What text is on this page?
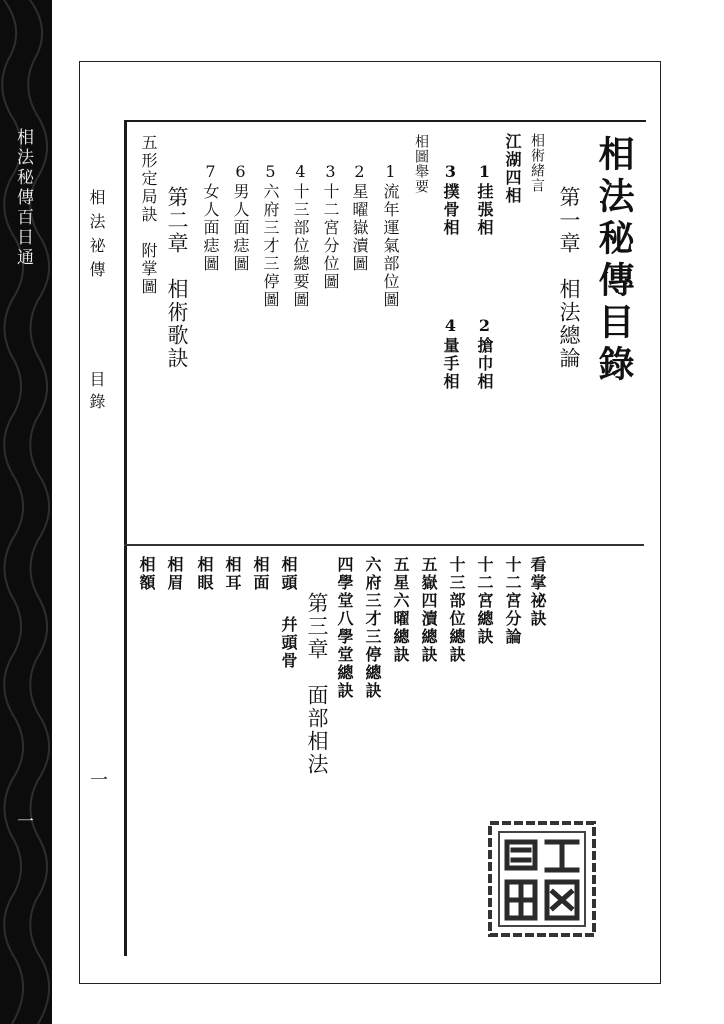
相法秘傳百日通
一
相法秘傳目錄
第一章　相法總論
相術緒言
江湖四相
1挂張相
2搶巾相
3撲骨相
4量手相
相圖舉要
1流年運氣部位圖
2星曜嶽瀆圖
3十二宮分位圖
4十三部位總要圖
5六府三才三停圖
6男人面痣圖
7女人面痣圖
第二章　相術歌訣
五形定局訣　附掌圖
看掌祕訣
十二宮分論
十二宮總訣
十三部位總訣
五嶽四瀆總訣
五星六曜總訣
六府三才三停總訣
四學堂八學堂總訣
第三章　面部相法
相頭
幷頭骨
相面
相耳
相眼
相眉
相額
相法祕傳
目錄
一
